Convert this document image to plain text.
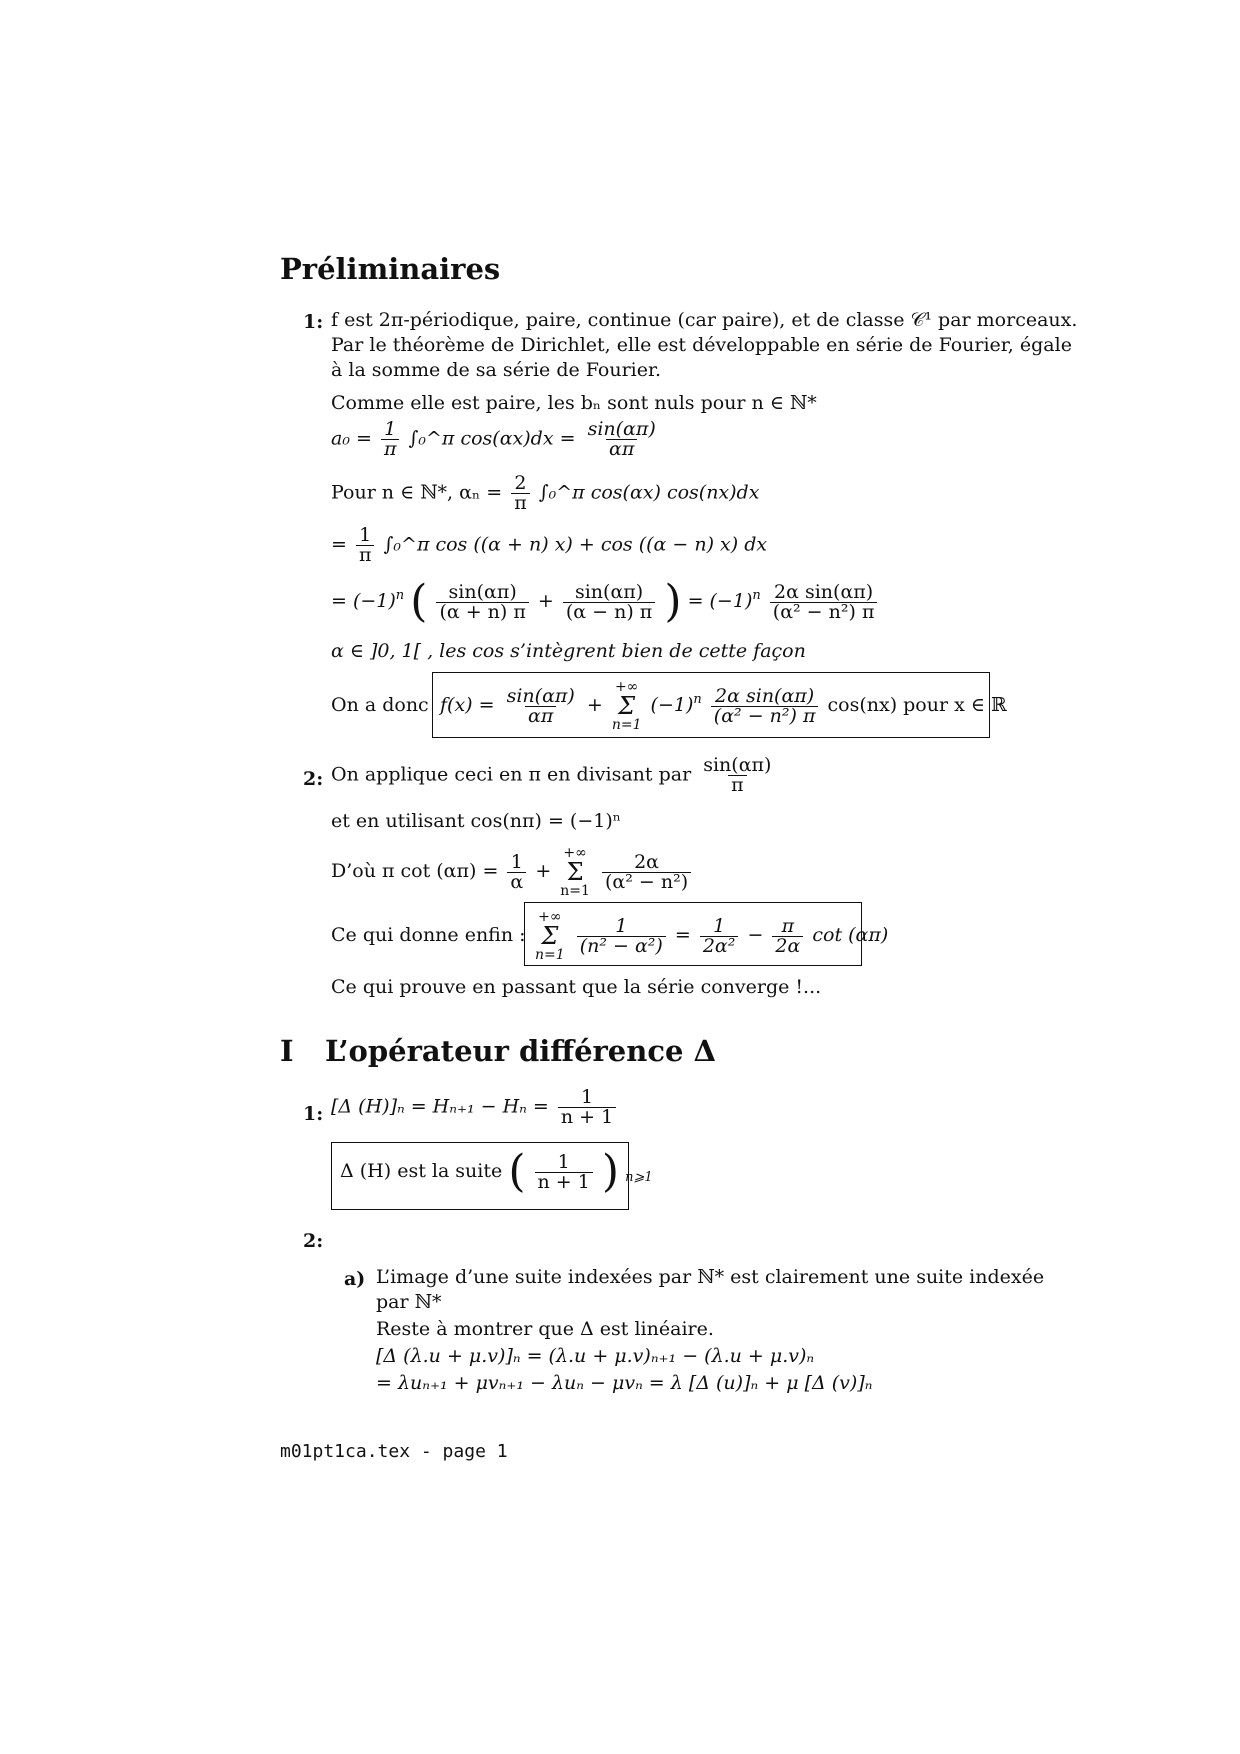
Préliminaires
1: f est 2π-périodique, paire, continue (car paire), et de classe 𝒞¹ par morceaux.
Par le théorème de Dirichlet, elle est développable en série de Fourier, égale
à la somme de sa série de Fourier.
Comme elle est paire, les bₙ sont nuls pour n ∈ ℕ*
$a_0 = \frac{1}{\pi}$ ∫₀^π $\cos(\alpha x)dx = \frac{\sin(\alpha\pi)}{\alpha\pi}$
Pour n ∈ ℕ*, $\alpha_n = \frac{2}{\pi}$ ∫₀^π cos(αx) cos(nx)dx
= $\frac{1}{\pi}$ ∫₀^π cos ((α + n) x) + cos ((α − n) x) dx
= $(-1)^n$ ( $\frac{\sin(\alpha\pi)}{(\alpha + n) \pi} + \frac{\sin(\alpha\pi)}{(\alpha - n) \pi}$ ) = $(-1)^n \frac{\text{2α sin(απ)}}{\text{(α² − n²) π}}$
α ∈ ]0, 1[ , les cos s’intègrent bien de cette façon
On a donc $f(x) = \frac{\sin(\alpha\pi)}{\alpha\pi}$ +
+∞
Σ
n=1
$(-1)^n \frac{\text{2α sin(απ)}}{\text{(α² − n²) π}} \cos(nx)$ pour x ∈ ℝ
2: On applique ceci en π en divisant par $\frac{\sin(\alpha\pi)}{\pi}$
et en utilisant cos(nπ) = (−1)ⁿ
D’où π $\cot (\alpha\pi) = \frac{1}{\alpha}$ +
+∞
Σ
n=1
$\frac{2\alpha}{\text{(α² − n²)}}$
Ce qui donne enfin :
+∞
Σ
n=1
$\frac{1}{\text{(n² − α²)}} = \frac{1}{\text{2α²}} - \frac{\pi}{2\alpha}$ cot (απ)
Ce qui prouve en passant que la série converge !...
I L’opérateur différence Δ
1: [Δ $(H)]_n = H_{n+1} - H_n = \frac{1}{n + 1}$
Δ (H) est la suite ( $\frac{1}{n + 1}$ ) $_{n⩾1}$
2:
a) L’image d’une suite indexées par ℕ* est clairement une suite indexée
par ℕ*
Reste à montrer que Δ est linéaire.
[Δ (λ.u + μ.v)]ₙ = (λ.u + μ.v)ₙ₊₁ − (λ.u + μ.v)ₙ
= λuₙ₊₁ + μvₙ₊₁ − λuₙ − μvₙ = λ [Δ (u)]ₙ + μ [Δ (v)]ₙ
m01pt1ca.tex - page 1
